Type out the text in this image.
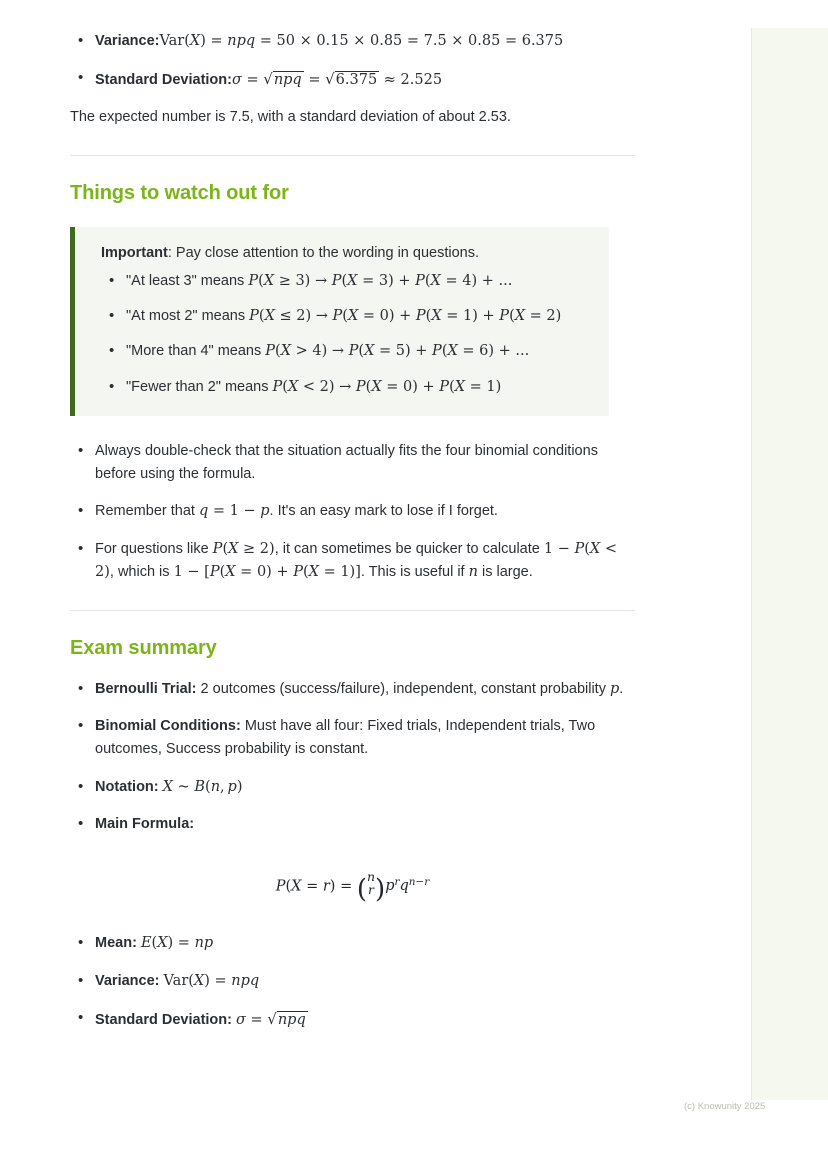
• Variance:Var(X) = npq = 50 × 0.15 × 0.85 = 7.5 × 0.85 = 6.375
• Standard Deviation:σ = √npq = √6.375 ≈ 2.525

The expected number is 7.5, with a standard deviation of about 2.53.

Things to watch out for

Important: Pay close attention to the wording in questions.

• "At least 3" means P(X ≥ 3) → P(X = 3) + P(X = 4) + ...
• "At most 2" means P(X ≤ 2) → P(X = 0) + P(X = 1) + P(X = 2)
• "More than 4" means P(X > 4) → P(X = 5) + P(X = 6) + ...
• "Fewer than 2" means P(X < 2) → P(X = 0) + P(X = 1)
• Always double-check that the situation actually fits the four binomial conditions before using the formula.
• Remember that q = 1 − p. It's an easy mark to lose if I forget.
• For questions like P(X ≥ 2), it can sometimes be quicker to calculate 1 − P(X < 2), which is 1 − [P(X = 0) + P(X = 1)]. This is useful if n is large.
Exam summary
• Bernoulli Trial: 2 outcomes (success/failure), independent, constant probability p.
• Binomial Conditions: Must have all four: Fixed trials, Independent trials, Two outcomes, Success probability is constant.
• Notation: X ~ B(n, p)
• Main Formula:
P(X = r) = ( n
r )$p^rq^{n-r}$
• Mean: E(X) = np
• Variance: Var(X) = npq
• Standard Deviation: σ = √npq
(c) Knowunity 2025
